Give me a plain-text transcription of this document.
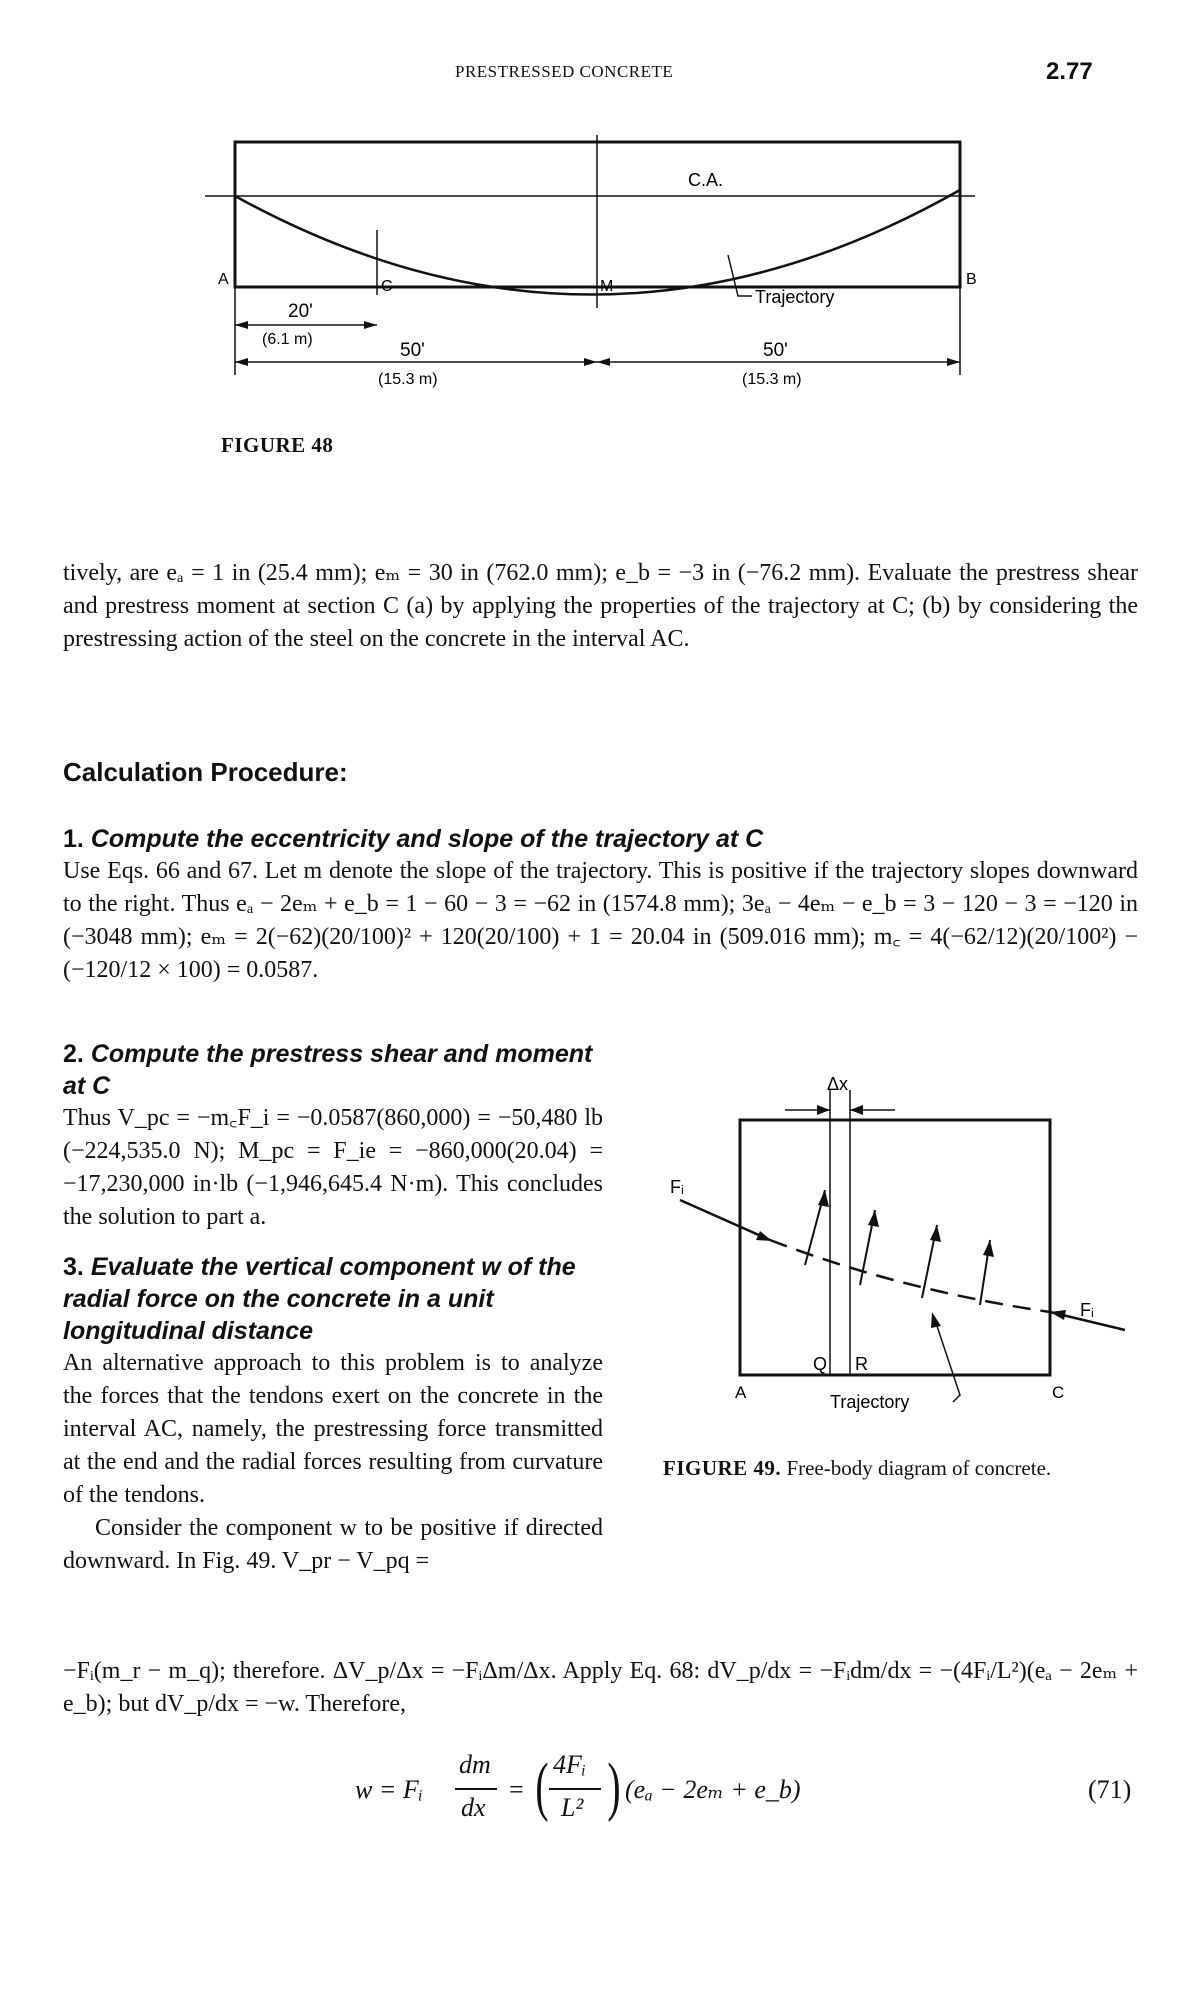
PRESTRESSED CONCRETE	2.77
C.A.
A	B
C	M
Trajectory
20'
(6.1 m)
50'
(15.3 m)
50'
(15.3 m)
FIGURE 48

tively, are eₐ = 1 in (25.4 mm); eₘ = 30 in (762.0 mm); e_b = −3 in (−76.2 mm). Evaluate the prestress shear and prestress moment at section C (a) by applying the properties of the trajectory at C; (b) by considering the prestressing action of the steel on the concrete in the interval AC.

Calculation Procedure:

1. Compute the eccentricity and slope of the trajectory at C

Use Eqs. 66 and 67. Let m denote the slope of the trajectory. This is positive if the trajectory slopes downward to the right. Thus eₐ − 2eₘ + e_b = 1 − 60 − 3 = −62 in (1574.8 mm); 3eₐ − 4eₘ − e_b = 3 − 120 − 3 = −120 in (−3048 mm); eₘ = 2(−62)(20/100)² + 120(20/100) + 1 = 20.04 in (509.016 mm); m꜀ = 4(−62/12)(20/100²) − (−120/12 × 100) = 0.0587.

2. Compute the prestress shear and moment at C

Thus V_pc = −m꜀F_i = −0.0587(860,000) = −50,480 lb (−224,535.0 N); M_pc = F_ie = −860,000(20.04) = −17,230,000 in·lb (−1,946,645.4 N·m). This concludes the solution to part a.

3. Evaluate the vertical component w of the radial force on the concrete in a unit longitudinal distance

An alternative approach to this problem is to analyze the forces that the tendons exert on the concrete in the interval AC, namely, the prestressing force transmitted at the end and the radial forces resulting from curvature of the tendons.

Consider the component w to be positive if directed downward. In Fig. 49. V_pr − V_pq =

−Fᵢ(m_r − m_q); therefore. ΔV_p/Δx = −FᵢΔm/Δx. Apply Eq. 68: dV_p/dx = −Fᵢdm/dx = −(4Fᵢ/L²)(eₐ − 2eₘ + e_b); but dV_p/dx = −w. Therefore,

Δx
Fᵢ
Fᵢ
Q R
A	C
Trajectory
FIGURE 49. Free-body diagram of concrete.
w = Fᵢ
dm
dx
= ( 4Fᵢ
L² ) (eₐ − 2eₘ + e_b)	(71)
